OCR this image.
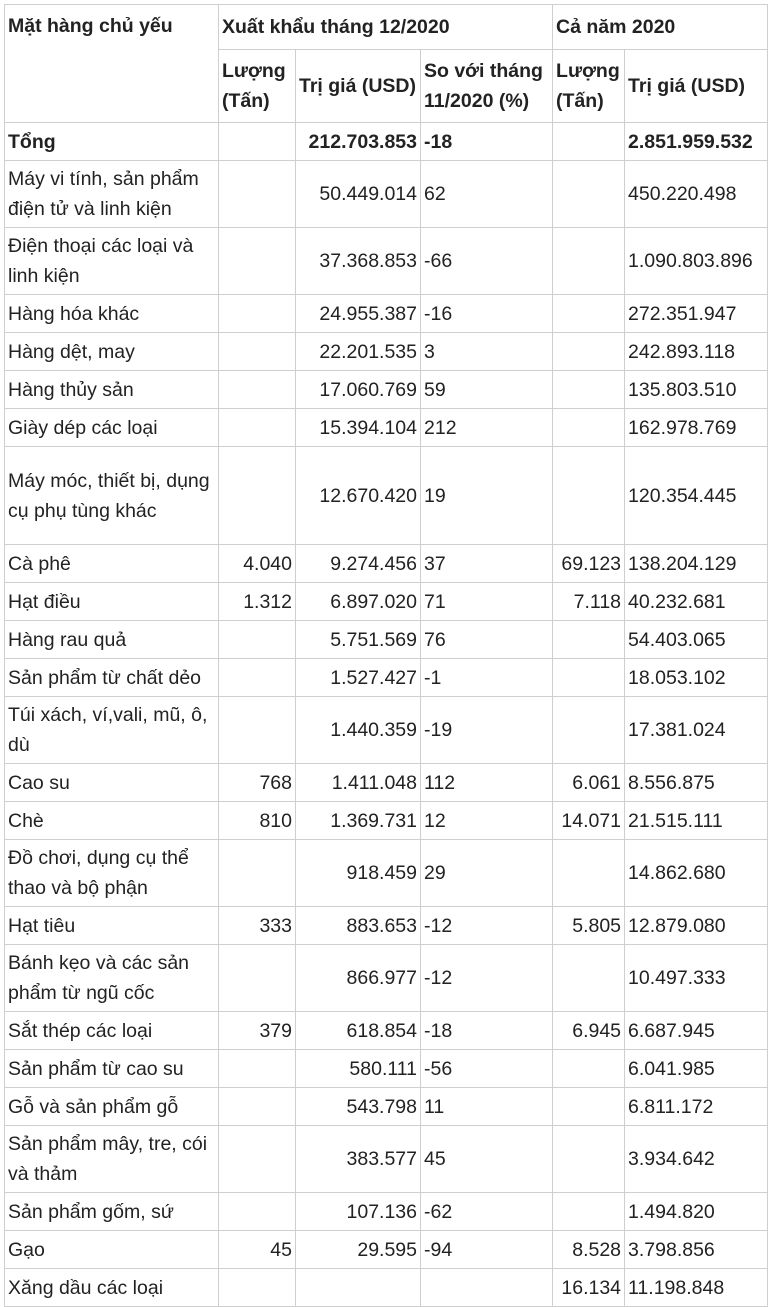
Mặt hàng chủ yếu	Xuất khẩu tháng 12/2020			Cả năm 2020	
	Lượng (Tấn)	Trị giá (USD)	So với tháng 11/2020 (%)	Lượng (Tấn)	Trị giá (USD)
Tổng		212.703.853	-18		2.851.959.532
Máy vi tính, sản phẩm điện tử và linh kiện		50.449.014	62		450.220.498
Điện thoại các loại và linh kiện		37.368.853	-66		1.090.803.896
Hàng hóa khác		24.955.387	-16		272.351.947
Hàng dệt, may		22.201.535	3		242.893.118
Hàng thủy sản		17.060.769	59		135.803.510
Giày dép các loại		15.394.104	212		162.978.769
Máy móc, thiết bị, dụng cụ phụ tùng khác		12.670.420	19		120.354.445
Cà phê	4.040	9.274.456	37	69.123	138.204.129
Hạt điều	1.312	6.897.020	71	7.118	40.232.681
Hàng rau quả		5.751.569	76		54.403.065
Sản phẩm từ chất dẻo		1.527.427	-1		18.053.102
Túi xách, ví,vali, mũ, ô, dù		1.440.359	-19		17.381.024
Cao su	768	1.411.048	112	6.061	8.556.875
Chè	810	1.369.731	12	14.071	21.515.111
Đồ chơi, dụng cụ thể thao và bộ phận		918.459	29		14.862.680
Hạt tiêu	333	883.653	-12	5.805	12.879.080
Bánh kẹo và các sản phẩm từ ngũ cốc		866.977	-12		10.497.333
Sắt thép các loại	379	618.854	-18	6.945	6.687.945
Sản phẩm từ cao su		580.111	-56		6.041.985
Gỗ và sản phẩm gỗ		543.798	11		6.811.172
Sản phẩm mây, tre, cói và thảm		383.577	45		3.934.642
Sản phẩm gốm, sứ		107.136	-62		1.494.820
Gạo	45	29.595	-94	8.528	3.798.856
Xăng dầu các loại				16.134	11.198.848
